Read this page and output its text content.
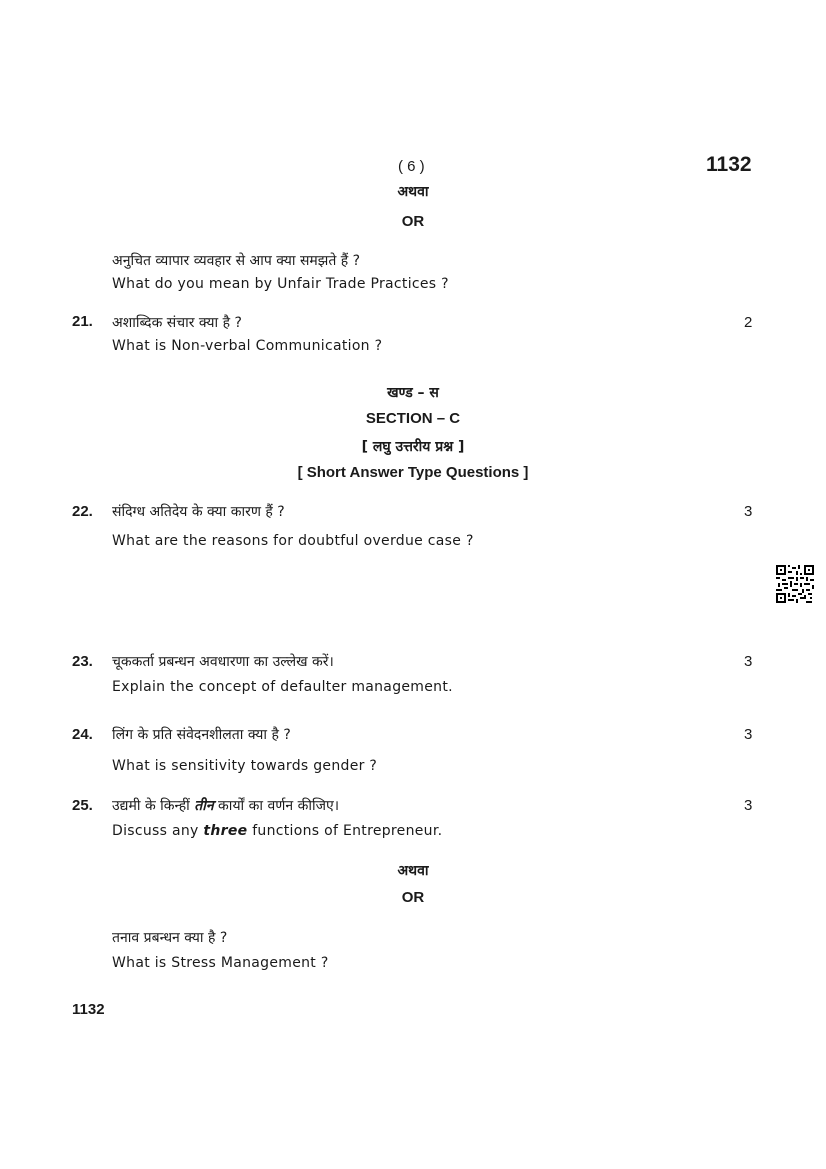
( 6 )	1132
अथवा
OR
अनुचित व्यापार व्यवहार से आप क्या समझते हैं ?
What do you mean by Unfair Trade Practices ?
21. अशाब्दिक संचार क्या है ?
What is Non-verbal Communication ?
2
खण्ड – स
SECTION – C
[ लघु उत्तरीय प्रश्न ]
[ Short Answer Type Questions ]
22. संदिग्ध अतिदेय के क्या कारण हैं ?
What are the reasons for doubtful overdue case ?
3
23. चूककर्ता प्रबन्धन अवधारणा का उल्लेख करें।
Explain the concept of defaulter management.
3
24. लिंग के प्रति संवेदनशीलता क्या है ?
What is sensitivity towards gender ?
3
25. उद्यमी के किन्हीं तीन कार्यों का वर्णन कीजिए।
Discuss any three functions of Entrepreneur.
3
अथवा
OR
तनाव प्रबन्धन क्या है ?
What is Stress Management ?
1132
